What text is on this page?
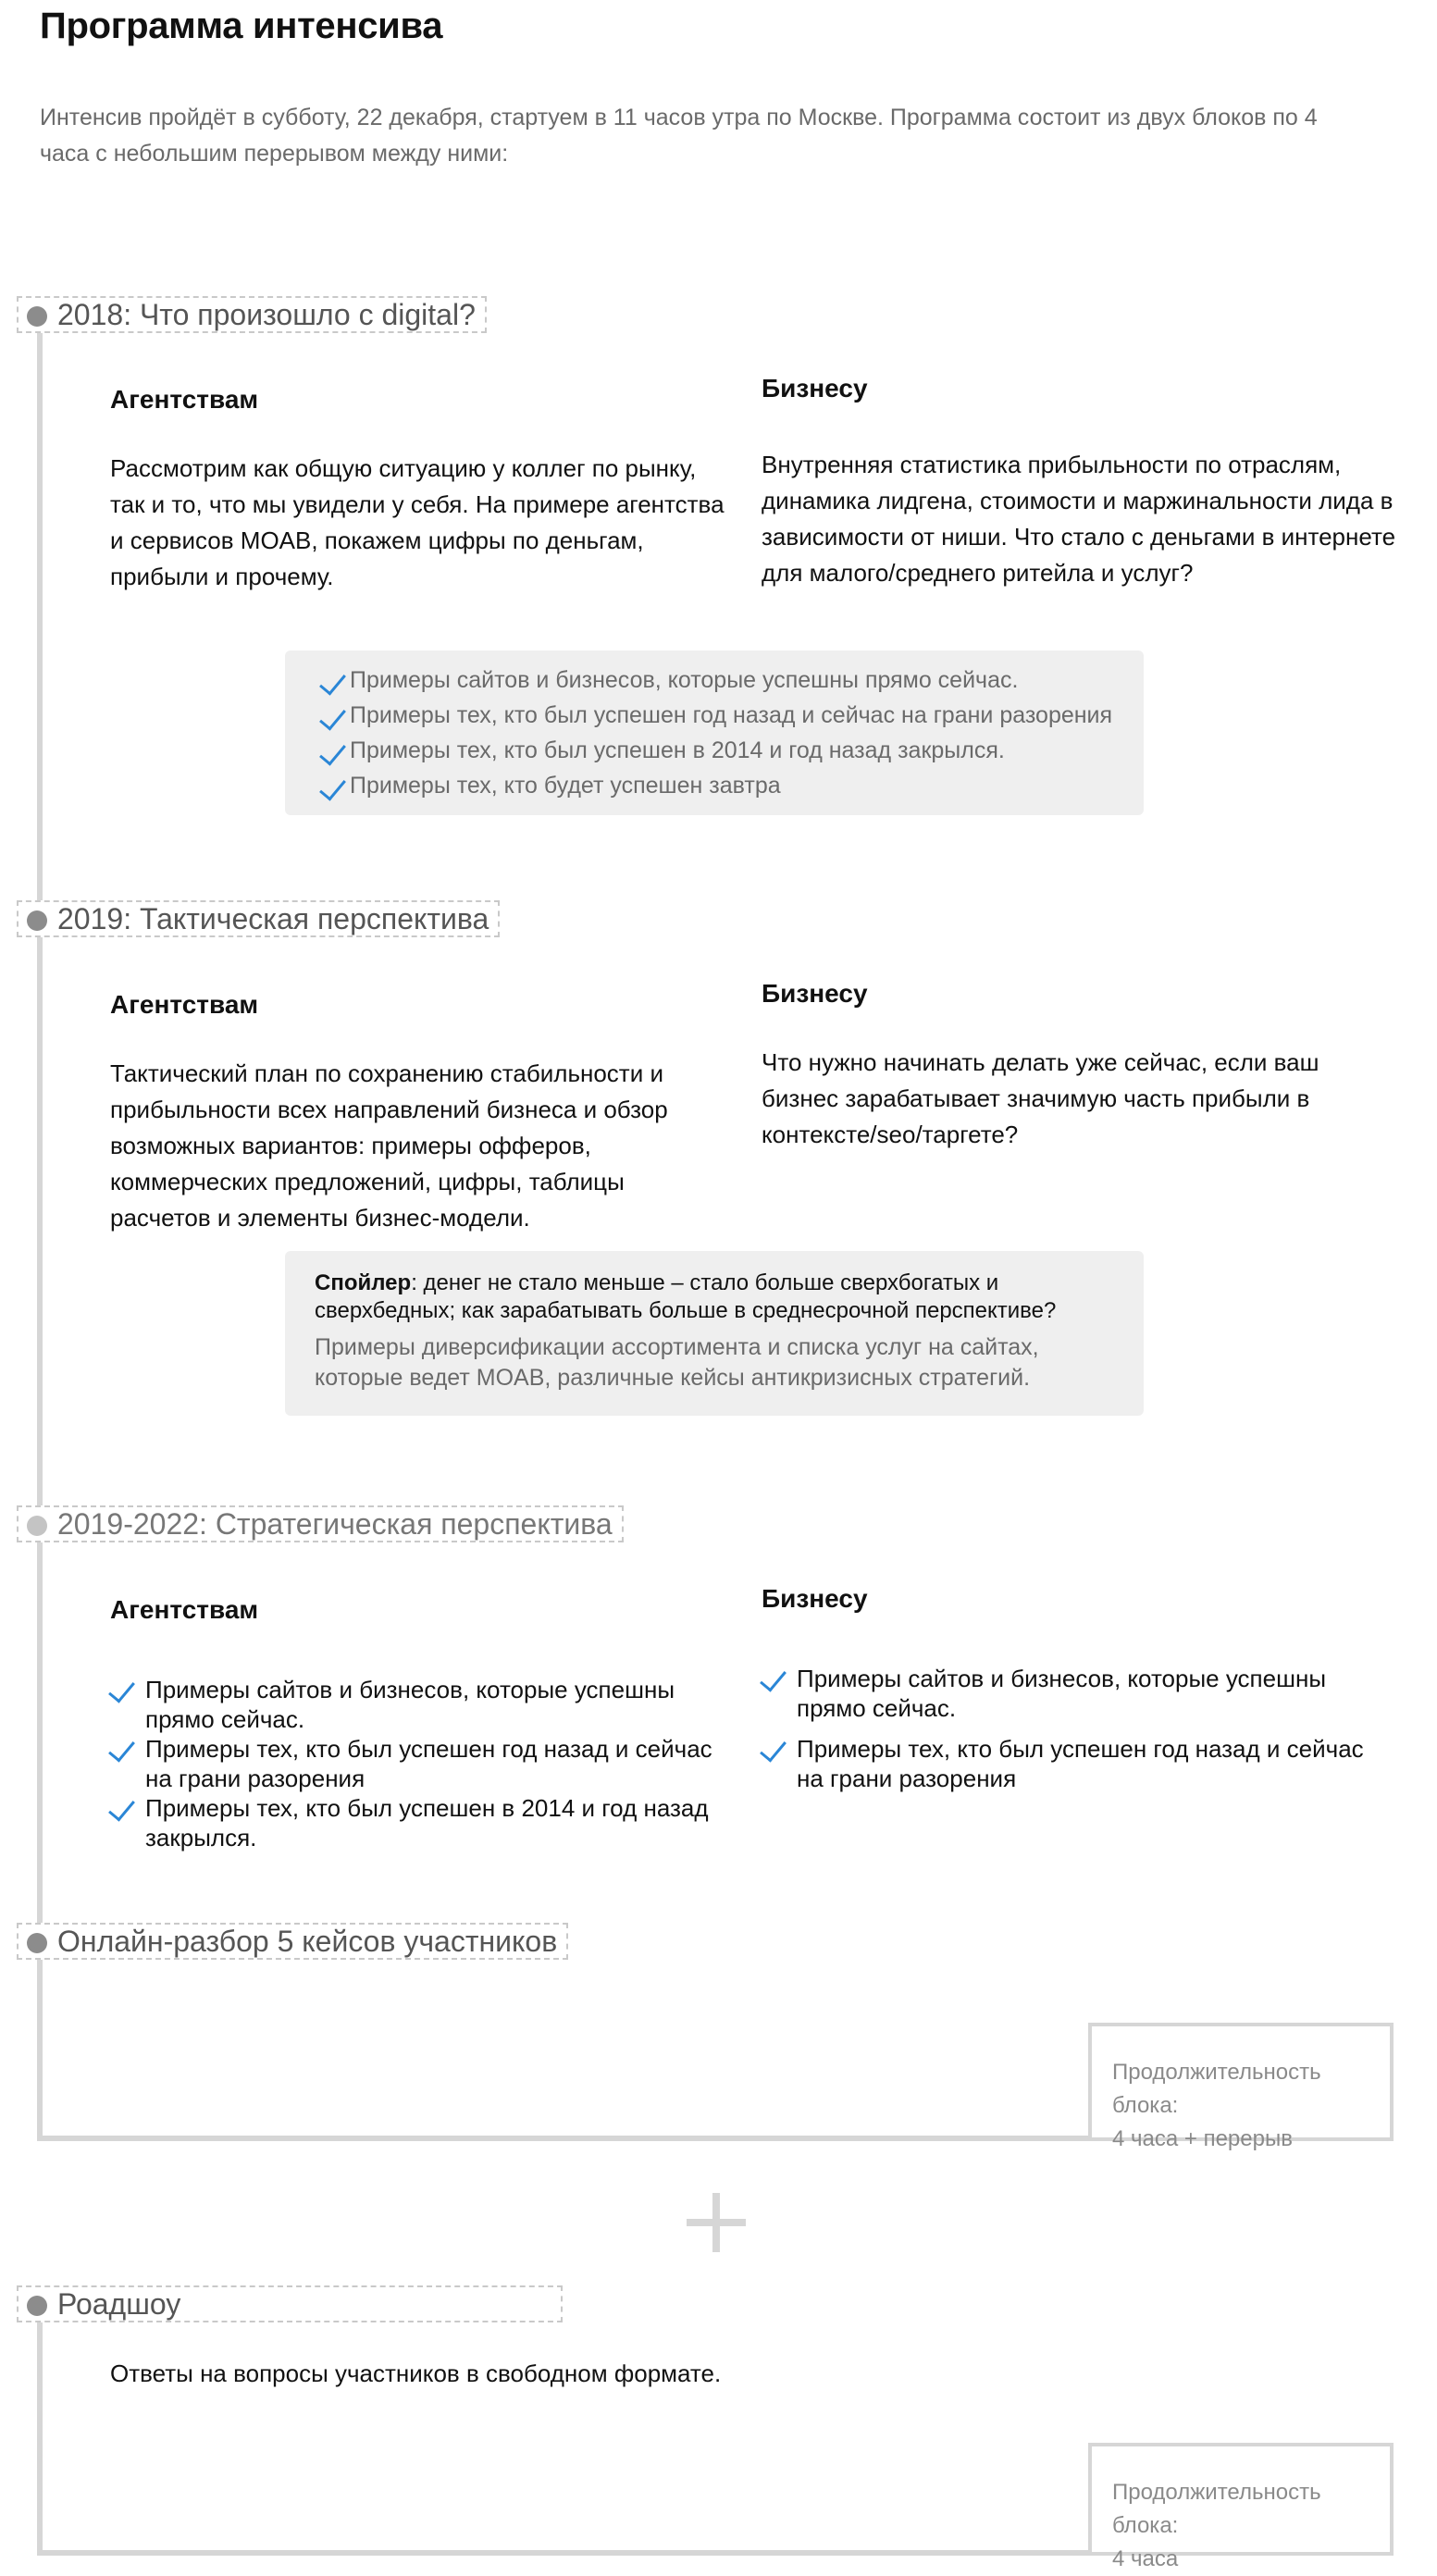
Программа интенсива
Интенсив пройдёт в субботу, 22 декабря, стартуем в 11 часов утра по Москве. Программа состоит из двух блоков по 4 часа с небольшим перерывом между ними:
2018: Что произошло с digital?
Агентствам
Рассмотрим как общую ситуацию у коллег по рынку, так и то, что мы увидели у себя. На примере агентства и сервисов MOAB, покажем цифры по деньгам, прибыли и прочему.
Бизнесу
Внутренняя статистика прибыльности по отраслям, динамика лидгена, стоимости и маржинальности лида в зависимости от ниши. Что стало с деньгами в интернете для малого/среднего ритейла и услуг?
Примеры сайтов и бизнесов, которые успешны прямо сейчас.
Примеры тех, кто был успешен год назад и сейчас на грани разорения
Примеры тех, кто был успешен в 2014 и год назад закрылся.
Примеры тех, кто будет успешен завтра
2019: Тактическая перспектива
Агентствам
Тактический план по сохранению стабильности и прибыльности всех направлений бизнеса и обзор возможных вариантов: примеры офферов, коммерческих предложений, цифры, таблицы расчетов и элементы бизнес-модели.
Бизнесу
Что нужно начинать делать уже сейчас, если ваш бизнес зарабатывает значимую часть прибыли в контексте/seo/таргете?
Спойлер: денег не стало меньше – стало больше сверхбогатых и сверхбедных; как зарабатывать больше в среднесрочной перспективе?
Примеры диверсификации ассортимента и списка услуг на сайтах, которые ведет MOAB, различные кейсы антикризисных стратегий.
2019-2022: Стратегическая перспектива
Агентствам	Бизнесу
Примеры сайтов и бизнесов, которые успешны прямо сейчас.
Примеры тех, кто был успешен год назад и сейчас на грани разорения
Примеры тех, кто был успешен в 2014 и год назад закрылся.
Примеры сайтов и бизнесов, которые успешны прямо сейчас.
Примеры тех, кто был успешен год назад и сейчас на грани разорения
Онлайн-разбор 5 кейсов участников
Продолжительность блока:
4 часа + перерыв
Роадшоу
Ответы на вопросы участников в свободном формате.
Продолжительность блока:
4 часа
